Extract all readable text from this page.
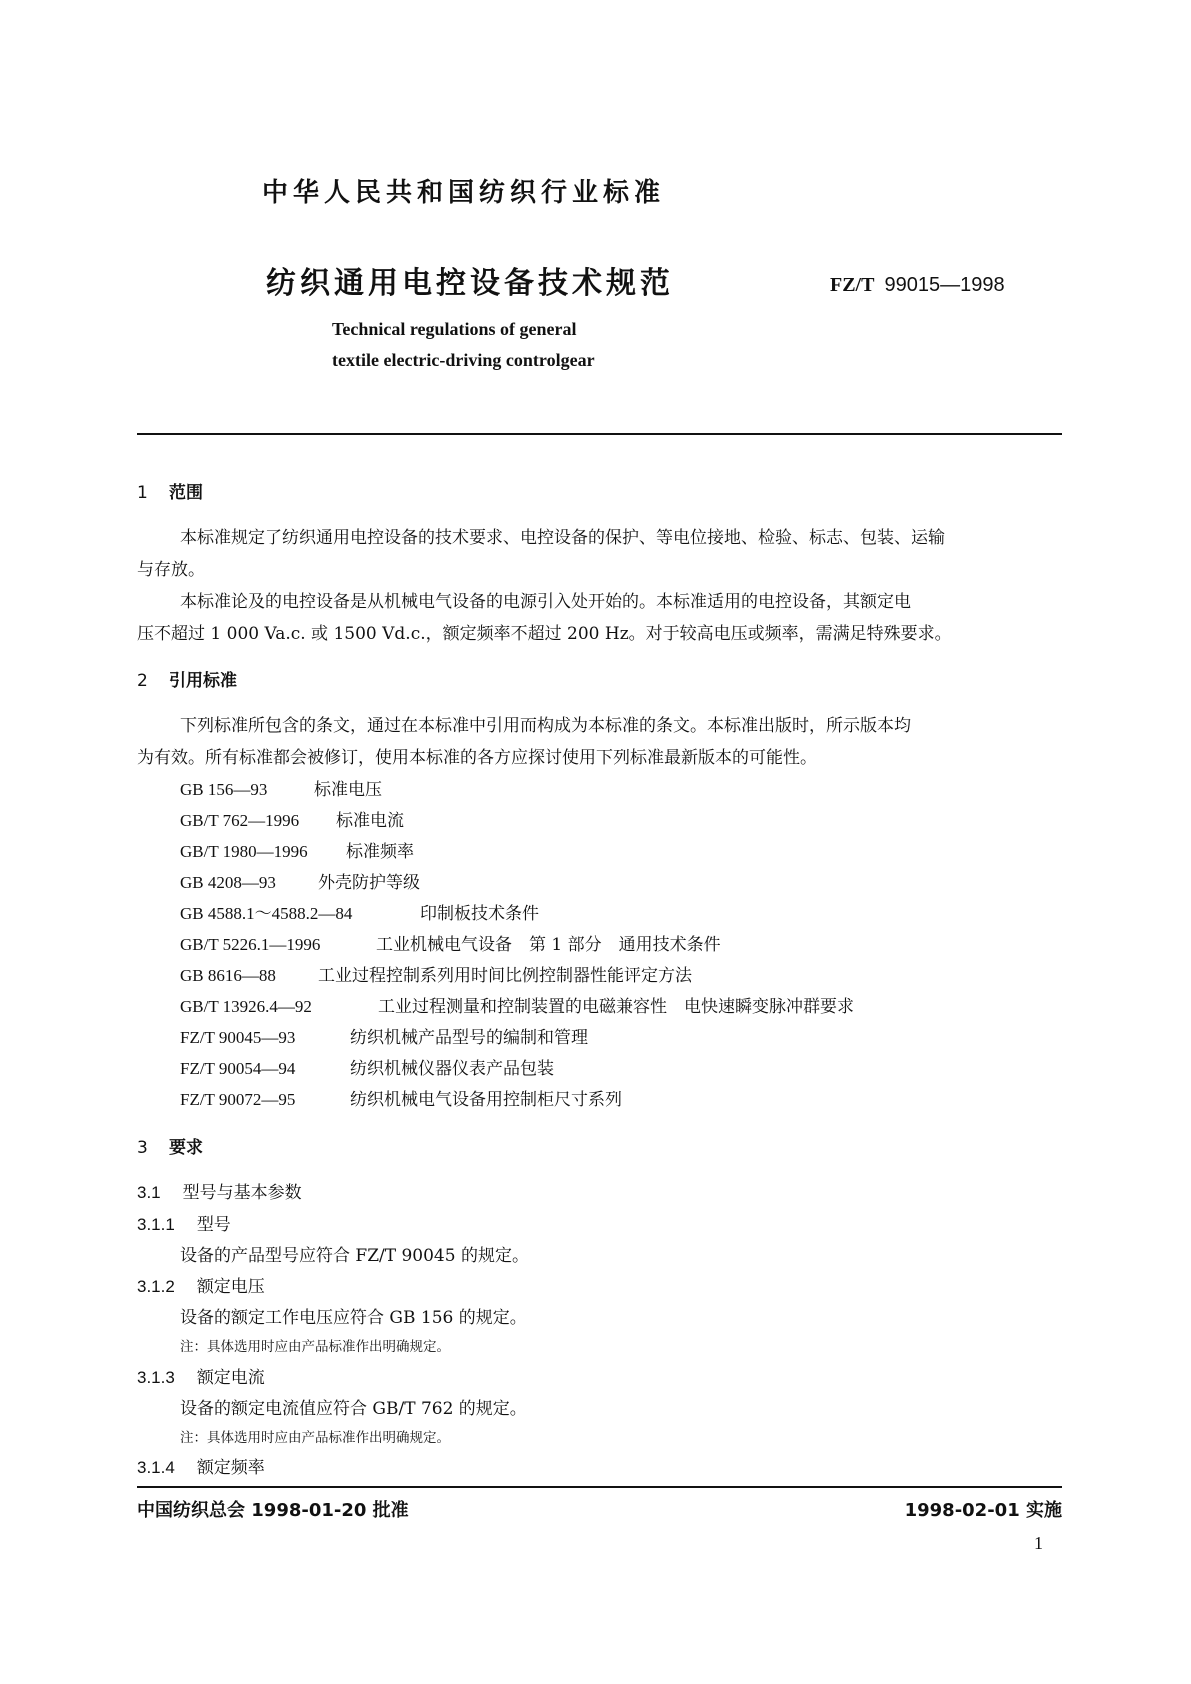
中华人民共和国纺织行业标准
纺织通用电控设备技术规范	FZ/T 99015—1998
Technical regulations of general
textile electric-driving controlgear
1 范围
本标准规定了纺织通用电控设备的技术要求、电控设备的保护、等电位接地、检验、标志、包装、运输
与存放。
本标准论及的电控设备是从机械电气设备的电源引入处开始的。本标准适用的电控设备，其额定电
压不超过 1 000 Va.c. 或 1500 Vd.c.，额定频率不超过 200 Hz。对于较高电压或频率，需满足特殊要求。
2 引用标准
下列标准所包含的条文，通过在本标准中引用而构成为本标准的条文。本标准出版时，所示版本均
为有效。所有标准都会被修订，使用本标准的各方应探讨使用下列标准最新版本的可能性。
GB 156—93	标准电压
GB/T 762—1996 标准电流
GB/T 1980—1996 标准频率
GB 4208—93 外壳防护等级
GB 4588.1～4588.2—84	印制板技术条件
GB/T 5226.1—1996	工业机械电气设备　第 1 部分　通用技术条件
GB 8616—88 工业过程控制系列用时间比例控制器性能评定方法
GB/T 13926.4—92	工业过程测量和控制装置的电磁兼容性　电快速瞬变脉冲群要求
FZ/T 90045—93	纺织机械产品型号的编制和管理
FZ/T 90054—94	纺织机械仪器仪表产品包装
FZ/T 90072—95	纺织机械电气设备用控制柜尺寸系列
3 要求
3.1 型号与基本参数
3.1.1 型号
设备的产品型号应符合 FZ/T 90045 的规定。
3.1.2 额定电压
设备的额定工作电压应符合 GB 156 的规定。
注：具体选用时应由产品标准作出明确规定。
3.1.3 额定电流
设备的额定电流值应符合 GB/T 762 的规定。
注：具体选用时应由产品标准作出明确规定。
3.1.4 额定频率
中国纺织总会 1998-01-20 批准	1998-02-01 实施
1
